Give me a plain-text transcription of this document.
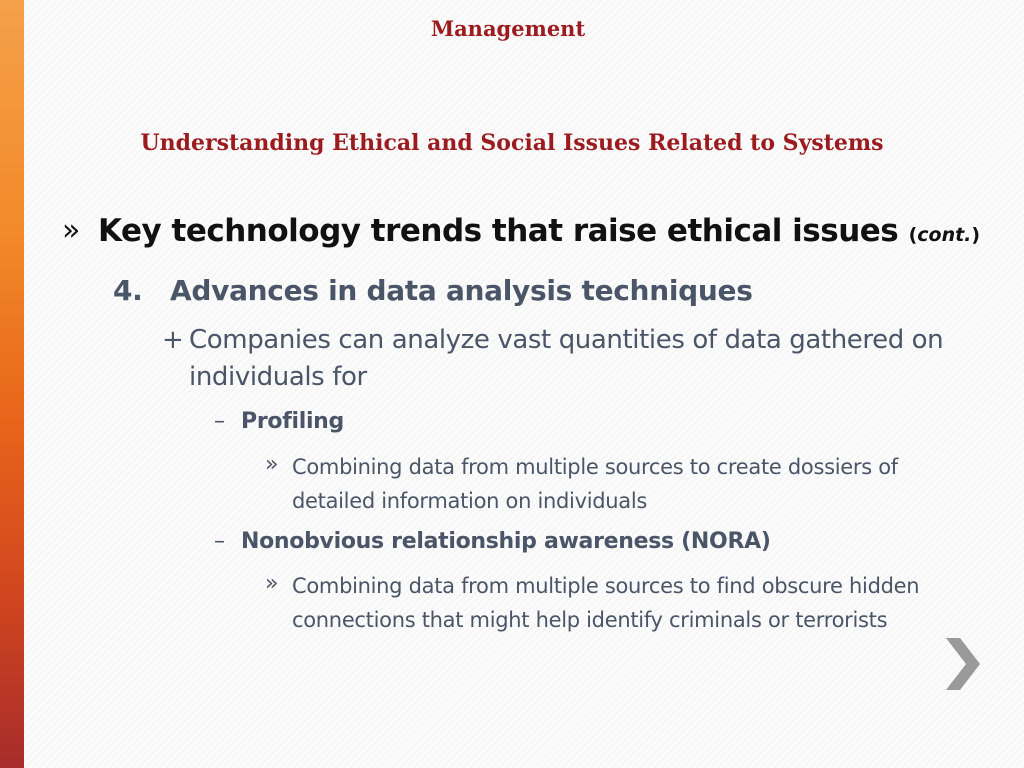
Management
Understanding Ethical and Social Issues Related to Systems
» Key technology trends that raise ethical issues (cont.)
4. Advances in data analysis techniques
+ Companies can analyze vast quantities of data gathered on individuals for
– Profiling
» Combining data from multiple sources to create dossiers of detailed information on individuals
– Nonobvious relationship awareness (NORA)
» Combining data from multiple sources to find obscure hidden connections that might help identify criminals or terrorists
